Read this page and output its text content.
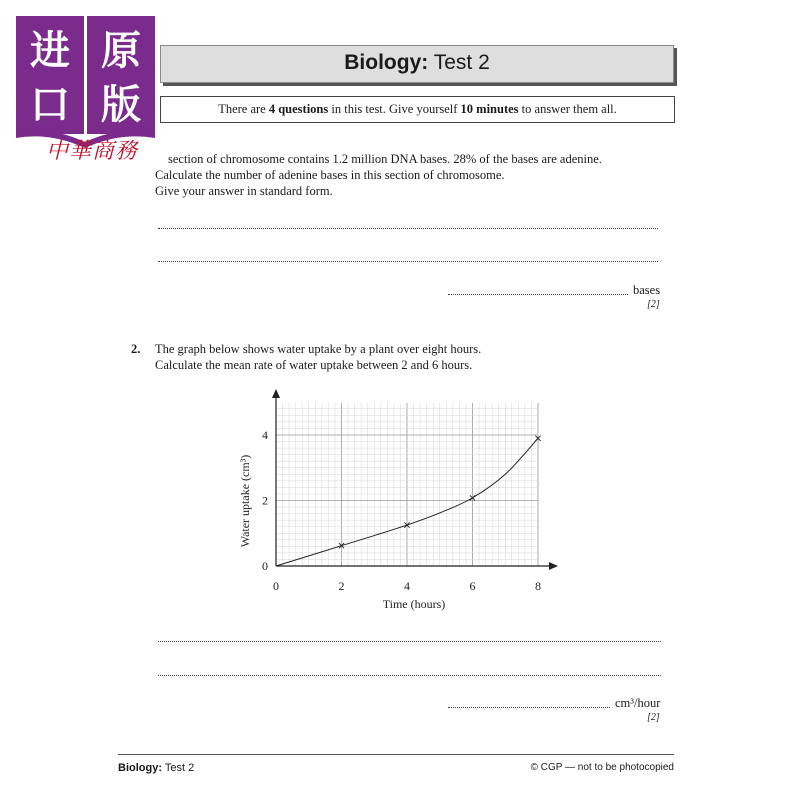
进 原
口 版
中華商務
Biology: Test 2
There are 4 questions in this test. Give yourself 10 minutes to answer them all.
section of chromosome contains 1.2 million DNA bases. 28% of the bases are adenine.
Calculate the number of adenine bases in this section of chromosome.
Give your answer in standard form.
bases
[2]
2. The graph below shows water uptake by a plant over eight hours.
Calculate the mean rate of water uptake between 2 and 6 hours.
0	2	4	6	8
0
2
4
Time (hours)
Water uptake (cm³)
cm³/hour
[2]
Biology: Test 2	© CGP — not to be photocopied
